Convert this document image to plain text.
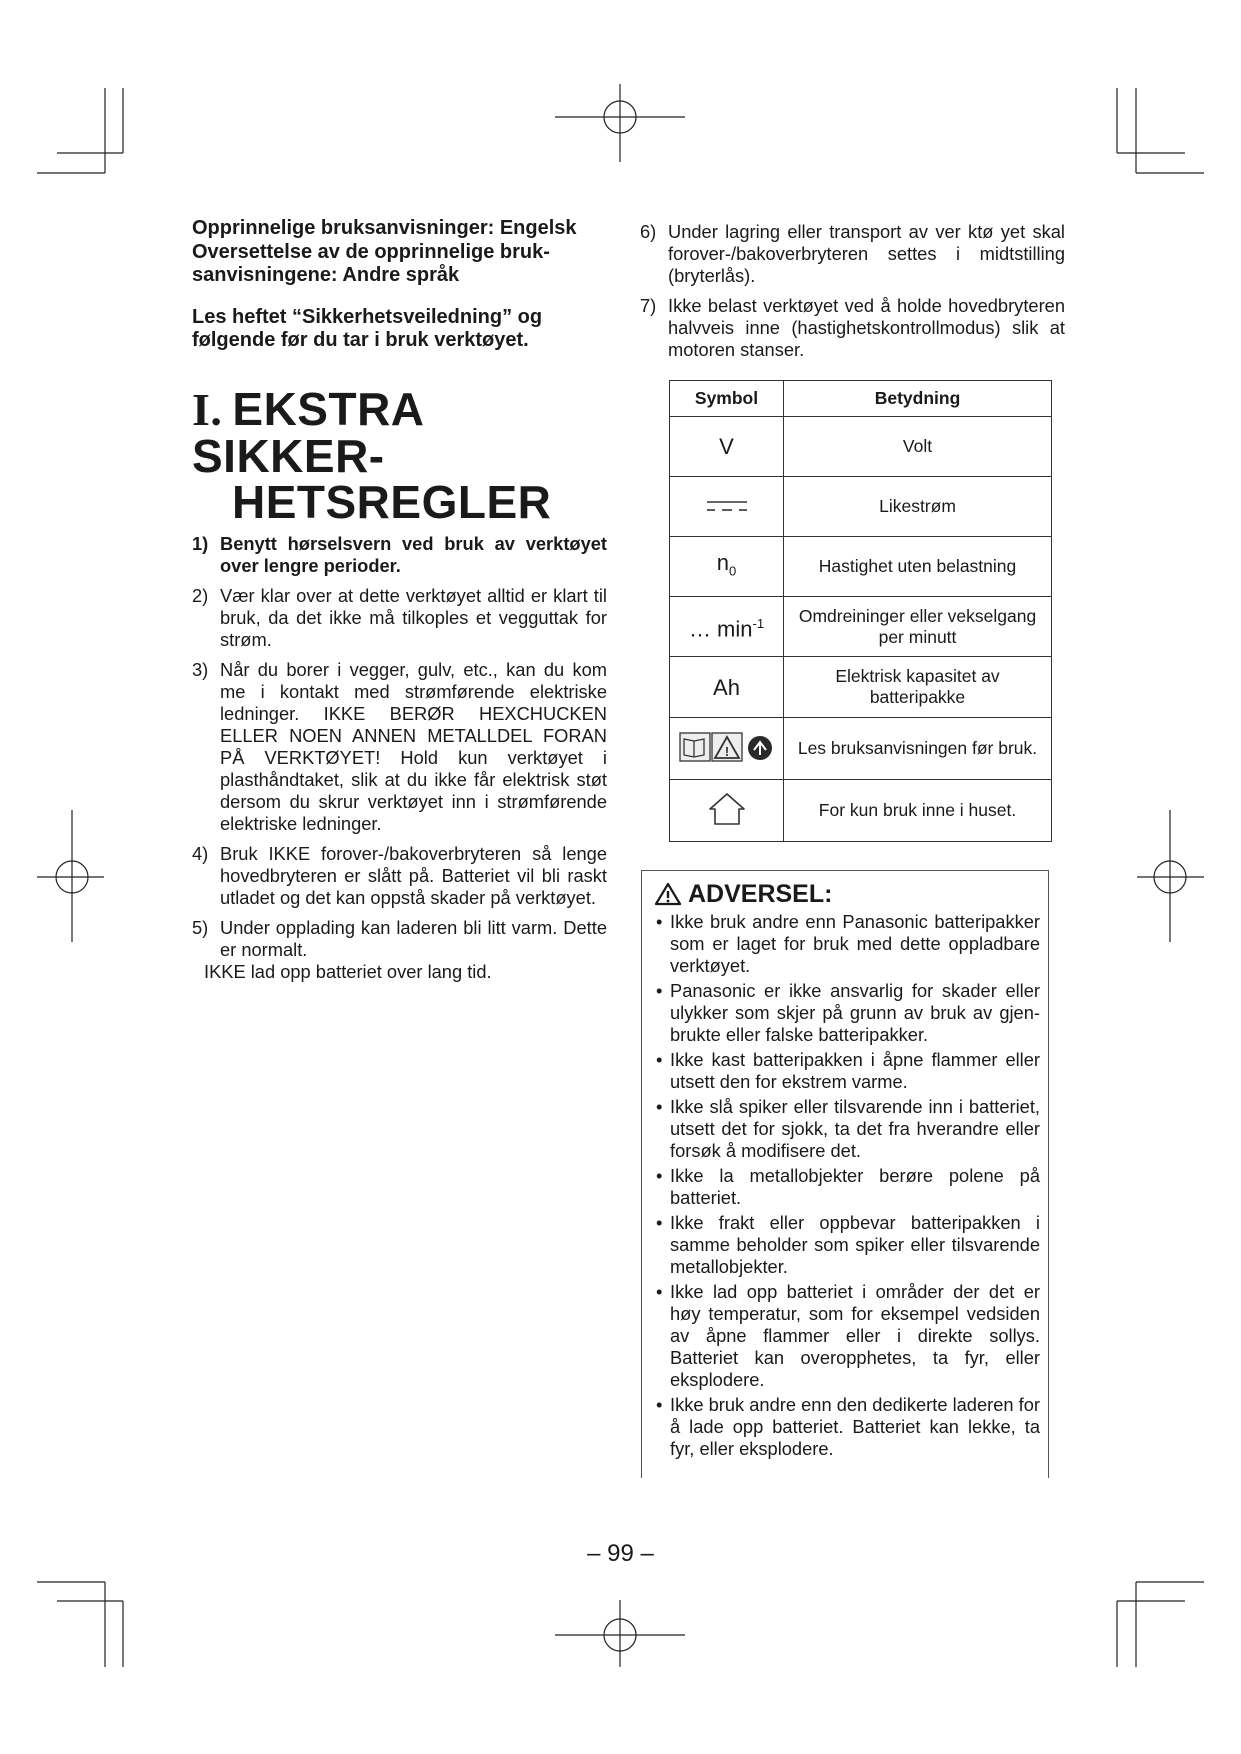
Opprinnelige bruksanvisninger: Engelsk Oversettelse av de opprinnelige bruksanvisningene: Andre språk

Les heftet “Sikkerhetsveiledning” og følgende før du tar i bruk verktøyet.

I. EKSTRA SIKKER-
HETSREGLER
1) Benytt hørselsvern ved bruk av verktøyet over lengre perioder.
2) Vær klar over at dette verktøyet alltid er klart til bruk, da det ikke må tilkoples et vegguttak for strøm.
3) Når du borer i vegger, gulv, etc., kan du kom me i kontakt med strømførende elektriske ledninger. IKKE BERØR HEXCHUCKEN ELLER NOEN ANNEN METALLDEL FORAN PÅ VERKTØYET! Hold kun verktøyet i plasthåndtaket, slik at du ikke får elektrisk støt dersom du skrur verktøyet inn i strømførende elektriske ledninger.
4) Bruk IKKE forover-/bakoverbryteren så lenge hovedbryteren er slått på. Batteriet vil bli raskt utladet og det kan oppstå skader på verktøyet.
5) Under opplading kan laderen bli litt varm. Dette er normalt.
IKKE lad opp batteriet over lang tid.
6) Under lagring eller transport av ver ktø yet skal forover-/bakoverbryteren settes i midtstilling (bryterlås).
7) Ikke belast verktøyet ved å holde hovedbryteren halvveis inne (hastighetskontrollmodus) slik at motoren stanser.
Symbol	Betydning
V	Volt
	Likestrøm
$n_0$	Hastighet uten belastning
… $\min^{-1}$	Omdreininger eller vekselgang per minutt
Ah	Elektrisk kapasitet av batteripakke

!	Les bruksanvisningen før bruk.
	For kun bruk inne i huset.
ADVERSEL:
• Ikke bruk andre enn Panasonic batteripakker som er laget for bruk med dette oppladbare verktøyet.
• Panasonic er ikke ansvarlig for skader eller ulykker som skjer på grunn av bruk av gjenbrukte eller falske batteripakker.
• Ikke kast batteripakken i åpne flammer eller utsett den for ekstrem varme.
• Ikke slå spiker eller tilsvarende inn i batteriet, utsett det for sjokk, ta det fra hverandre eller forsøk å modifisere det.
• Ikke la metallobjekter berøre polene på batteriet.
• Ikke frakt eller oppbevar batteripakken i samme beholder som spiker eller tilsvarende metallobjekter.
• Ikke lad opp batteriet i områder der det er høy temperatur, som for eksempel vedsiden av åpne flammer eller i direkte sollys. Batteriet kan overopphetes, ta fyr, eller eksplodere.
• Ikke bruk andre enn den dedikerte laderen for å lade opp batteriet. Batteriet kan lekke, ta fyr, eller eksplodere.
– 99 –
